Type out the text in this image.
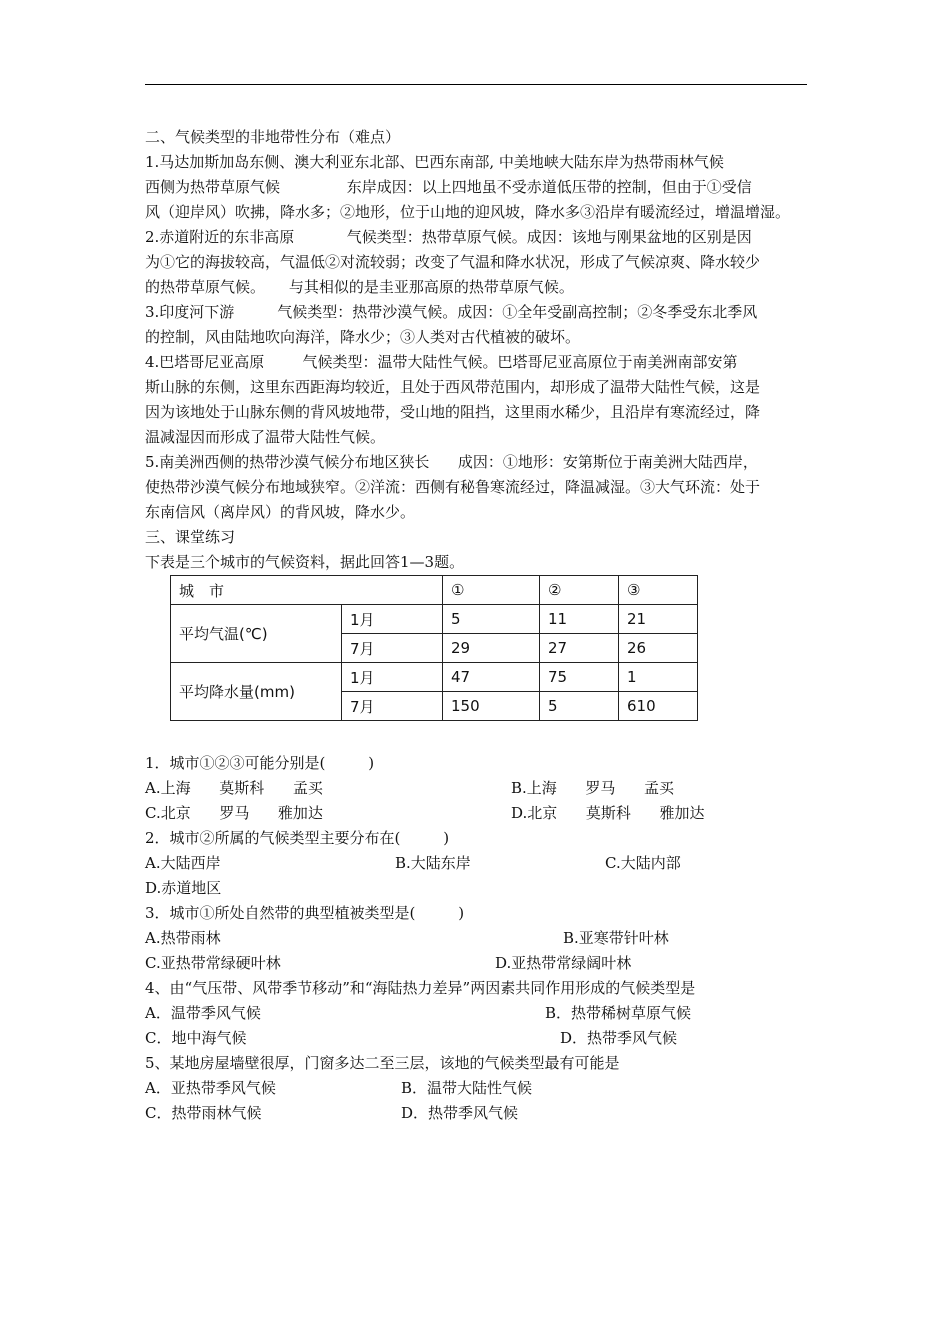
二、气候类型的非地带性分布（难点）
1.马达加斯加岛东侧、澳大利亚东北部、巴西东南部, 中美地峡大陆东岸为热带雨林气候
西侧为热带草原气候              东岸成因：以上四地虽不受赤道低压带的控制，但由于①受信
风（迎岸风）吹拂，降水多；②地形，位于山地的迎风坡，降水多③沿岸有暖流经过，增温增湿。
2.赤道附近的东非高原           气候类型：热带草原气候。成因：该地与刚果盆地的区别是因
为①它的海拔较高，气温低②对流较弱；改变了气温和降水状况，形成了气候凉爽、降水较少
的热带草原气候。     与其相似的是圭亚那高原的热带草原气候。
3.印度河下游         气候类型：热带沙漠气候。成因：①全年受副高控制；②冬季受东北季风
的控制，风由陆地吹向海洋，降水少；③人类对古代植被的破坏。
4.巴塔哥尼亚高原        气候类型：温带大陆性气候。巴塔哥尼亚高原位于南美洲南部安第
斯山脉的东侧，这里东西距海均较近，且处于西风带范围内，却形成了温带大陆性气候，这是
因为该地处于山脉东侧的背风坡地带，受山地的阻挡，这里雨水稀少，且沿岸有寒流经过，降
温减湿因而形成了温带大陆性气候。
5.南美洲西侧的热带沙漠气候分布地区狭长      成因：①地形：安第斯位于南美洲大陆西岸，
使热带沙漠气候分布地域狭窄。②洋流：西侧有秘鲁寒流经过，降温减湿。③大气环流：处于
东南信风（离岸风）的背风坡，降水少。
三、课堂练习
下表是三个城市的气候资料，据此回答1—3题。
城　市		①	②	③
平均气温(℃)	1月	5	11	21
	7月	29	27	26
平均降水量(mm)	1月	47	75	1
	7月	150	5	610
1．城市①②③可能分别是(         )

A.上海      莫斯科      孟买

	B.上海      罗马      孟买

C.北京      罗马      雅加达

	D.北京      莫斯科      雅加达

2．城市②所属的气候类型主要分布在(         )

A.大陆西岸

	B.大陆东岸

	C.大陆内部

D.赤道地区
3．城市①所处自然带的典型植被类型是(         )

A.热带雨林

	B.亚寒带针叶林

C.亚热带常绿硬叶林

	D.亚热带常绿阔叶林

4、由“气压带、风带季节移动”和“海陆热力差异”两因素共同作用形成的气候类型是

A．温带季风气候

	B．热带稀树草原气候

C．地中海气候

	D．热带季风气候

5、某地房屋墙壁很厚，门窗多达二至三层，该地的气候类型最有可能是

A．亚热带季风气候

	B．温带大陆性气候

C．热带雨林气候

	D．热带季风气候
